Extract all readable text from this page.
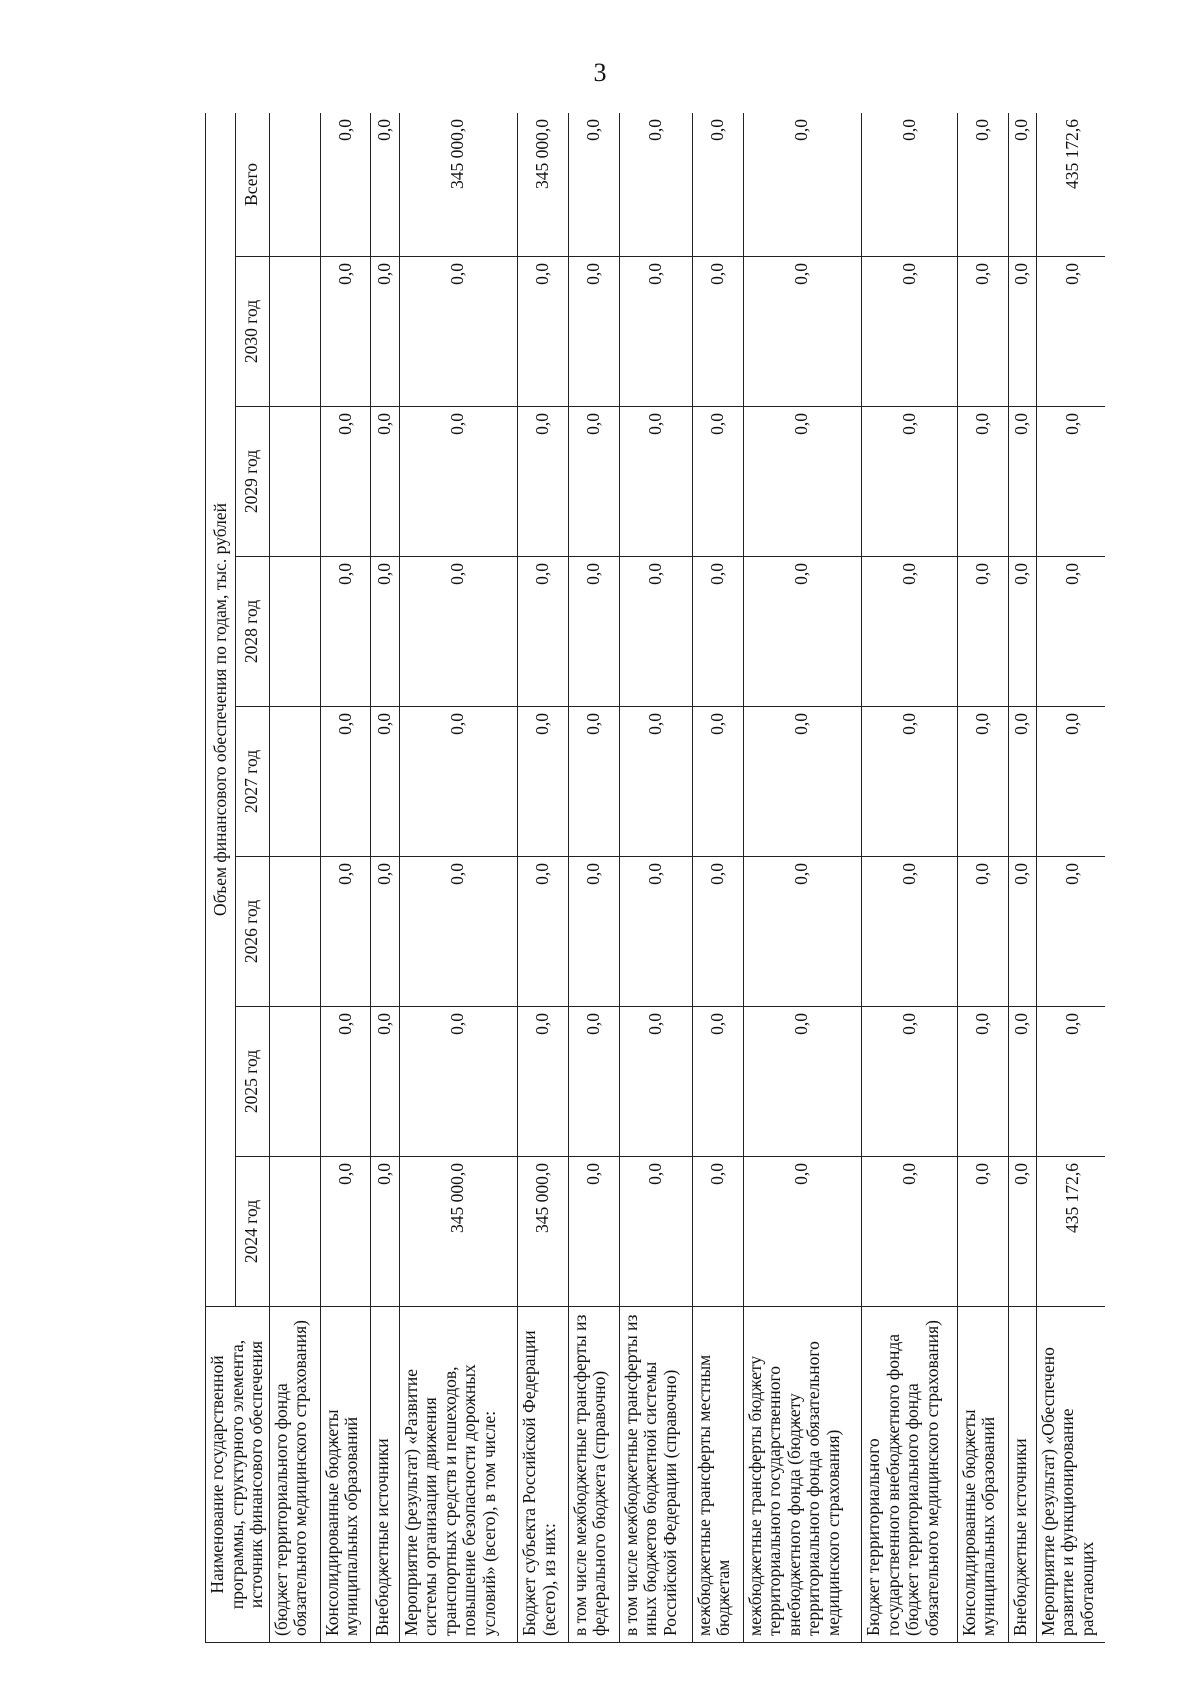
3
Наименование государственной программы, структурного элемента, источник финансового обеспечения	Объем финансового обеспечения по годам, тыс. рублей							
	2024 год	2025 год	2026 год	2027 год	2028 год	2029 год	2030 год	Всего
(бюджет территориального фонда обязательного медицинского страхования)								
Консолидированные бюджеты муниципальных образований	0,0	0,0	0,0	0,0	0,0	0,0	0,0	0,0
Внебюджетные источники	0,0	0,0	0,0	0,0	0,0	0,0	0,0	0,0
Мероприятие (результат) «Развитие системы организации движения транспортных средств и пешеходов, повышение безопасности дорожных условий» (всего), в том числе:	345 000,0	0,0	0,0	0,0	0,0	0,0	0,0	345 000,0
Бюджет субъекта Российской Федерации (всего), из них:	345 000,0	0,0	0,0	0,0	0,0	0,0	0,0	345 000,0
в том числе межбюджетные трансферты из федерального бюджета (справочно)	0,0	0,0	0,0	0,0	0,0	0,0	0,0	0,0
в том числе межбюджетные трансферты из иных бюджетов бюджетной системы Российской Федерации (справочно)	0,0	0,0	0,0	0,0	0,0	0,0	0,0	0,0
межбюджетные трансферты местным бюджетам	0,0	0,0	0,0	0,0	0,0	0,0	0,0	0,0
межбюджетные трансферты бюджету территориального государственного внебюджетного фонда (бюджету территориального фонда обязательного медицинского страхования)	0,0	0,0	0,0	0,0	0,0	0,0	0,0	0,0
Бюджет территориального государственного внебюджетного фонда (бюджет территориального фонда обязательного медицинского страхования)	0,0	0,0	0,0	0,0	0,0	0,0	0,0	0,0
Консолидированные бюджеты муниципальных образований	0,0	0,0	0,0	0,0	0,0	0,0	0,0	0,0
Внебюджетные источники	0,0	0,0	0,0	0,0	0,0	0,0	0,0	0,0
Мероприятие (результат) «Обеспечено развитие и функционирование работающих	435 172,6	0,0	0,0	0,0	0,0	0,0	0,0	435 172,6
